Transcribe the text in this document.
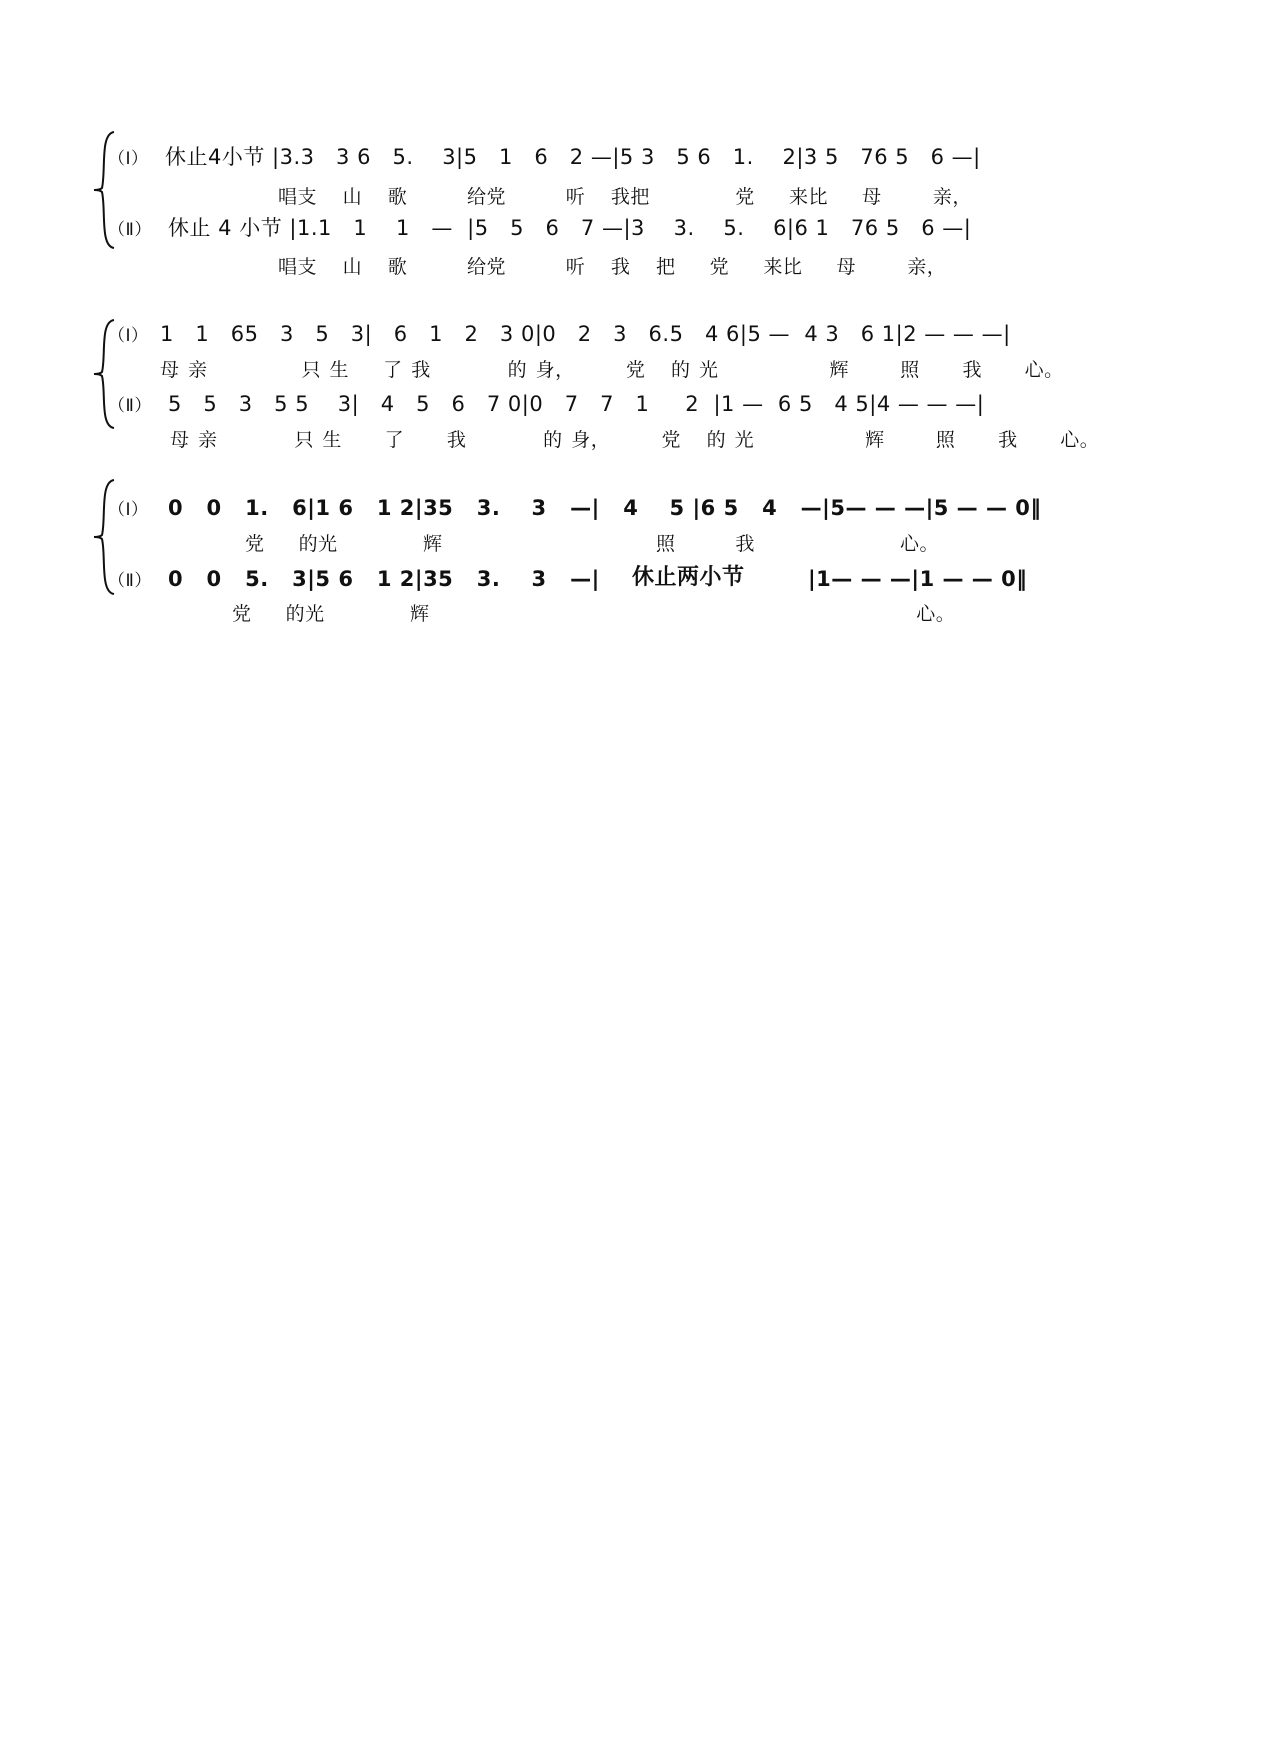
（Ⅰ） 休止4小节 |3.3   3 6   5.    3|5   1   6   2 —|5 3   5 6   1.    2|3 5   76 5   6 —|
唱支   山   歌       给党       听   我把          党    来比    母      亲，
（Ⅱ） 休止 4 小节 |1.1   1    1   —  |5   5   6   7 —|3    3.    5.    6|6 1   76 5   6 —|
唱支   山   歌       给党       听   我   把    党    来比    母      亲，
（Ⅰ） 1   1   65   3   5   3|   6   1   2   3 0|0   2   3   6.5   4 6|5 —  4 3   6 1|2 — — —|
母 亲           只 生    了 我         的 身，      党   的 光             辉      照     我     心。
（Ⅱ） 5   5   3   5 5    3|   4   5   6   7 0|0   7   7   1     2  |1 —  6 5   4 5|4 — — —|
母 亲         只 生     了     我         的 身，      党   的 光             辉      照     我     心。
（Ⅰ） 0   0   1.   6|1 6   1 2|35   3.    3   —|   4    5 |6 5   4   —|5— — —|5 — — 0‖
党    的光          辉                         照       我                 心。
（Ⅱ） 0   0   5.   3|5 6   1 2|35   3.    3   —| 休止两小节	|1— — —|1 — — 0‖
党    的光          辉                                                         心。
